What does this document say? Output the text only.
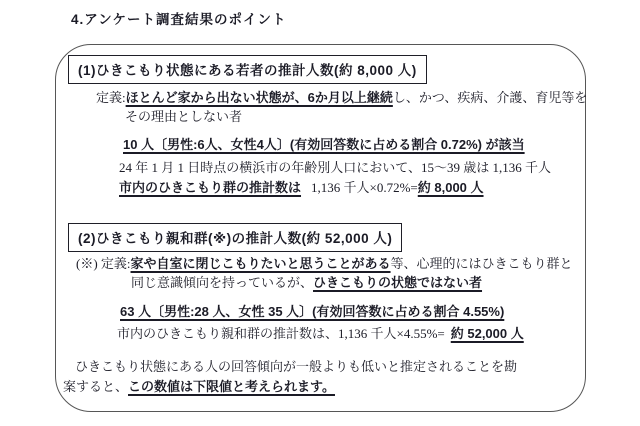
4.アンケート調査結果のポイント
(1)ひきこもり状態にある若者の推計人数(約 8,000 人)
定義:ほとんど家から出ない状態が、6か月以上継続し、かつ、疾病、介護、育児等を
その理由としない者
10 人〔男性:6人、女性4人〕(有効回答数に占める割合 0.72%) が該当
24 年 1 月 1 日時点の横浜市の年齢別人口において、15〜39 歳は 1,136 千人
市内のひきこもり群の推計数は 1,136 千人×0.72%=約 8,000 人
(2)ひきこもり親和群(※)の推計人数(約 52,000 人)
(※) 定義:家や自室に閉じこもりたいと思うことがある等、心理的にはひきこもり群と
同じ意識傾向を持っているが、ひきこもりの状態ではない者
63 人〔男性:28 人、女性 35 人〕(有効回答数に占める割合 4.55%)
市内のひきこもり親和群の推計数は、1,136 千人×4.55%= 約 52,000 人
ひきこもり状態にある人の回答傾向が一般よりも低いと推定されることを勘
案すると、この数値は下限値と考えられます。
